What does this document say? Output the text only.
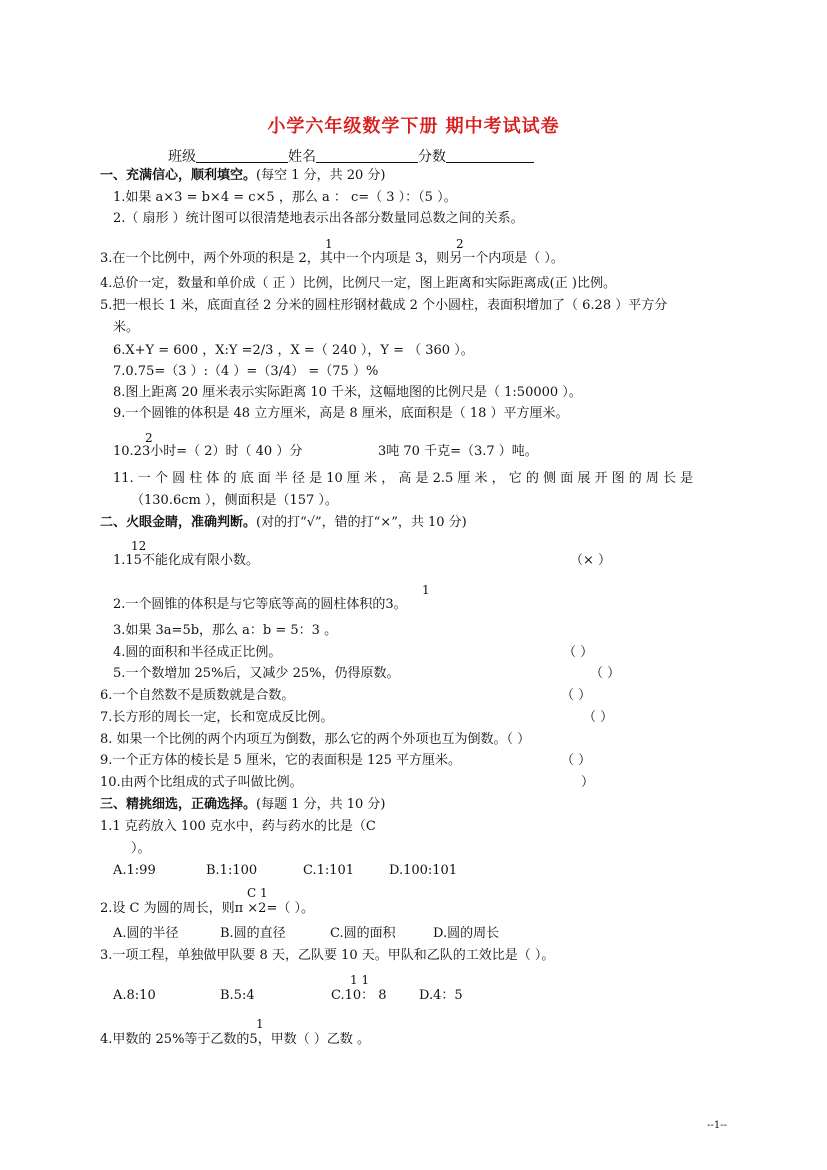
小学六年级数学下册 期中考试试卷
班级	姓名	分数
一、充满信心，顺利填空。(每空 1 分，共 20 分)
1.如果 a×3 = b×4 = c×5 ，那么 a ： c=（ 3 ）：（5 ）。
2.（ 扇形 ）统计图可以很清楚地表示出各部分数量同总数之间的关系。
1	2
3.在一个比例中，两个外项的积是 2，其中一个内项是 3，则另一个内项是（ ）。
4.总价一定，数量和单价成（ 正 ）比例，比例尺一定，图上距离和实际距离成(正 )比例。
5.把一根长 1 米，底面直径 2 分米的圆柱形钢材截成 2 个小圆柱，表面积增加了（ 6.28 ）平方分
米。
6.X+Y = 600 ，X:Y =2/3 ，X =（ 240 ），Y = （ 360 ）。
7.0.75=（3 ）:（4 ）=（3/4） =（75 ）%
8.图上距离 20 厘米表示实际距离 10 千米，这幅地图的比例尺是（ 1:50000 ）。
9.一个圆锥的体积是 48 立方厘米，高是 8 厘米，底面积是（ 18 ）平方厘米。
2
10.23小时=（ 2）时（ 40 ）分	3吨 70 千克=（3.7 ）吨。
11. 一 个 圆 柱 体 的 底 面 半 径 是 10 厘 米 ， 高 是 2.5 厘 米 ， 它 的 侧 面 展 开 图 的 周 长 是
（130.6cm ），侧面积是（157 ）。
二、火眼金睛，准确判断。(对的打“√”，错的打“×”，共 10 分)
12
1.15不能化成有限小数。	（× ）
1
2.一个圆锥的体积是与它等底等高的圆柱体积的3。
3.如果 3a=5b，那么 a：b = 5：3 。
4.圆的面积和半径成正比例。	（ ）
5.一个数增加 25%后，又减少 25%，仍得原数。	（ ）
6.一个自然数不是质数就是合数。	（ ）
7.长方形的周长一定，长和宽成反比例。	（ ）
8. 如果一个比例的两个内项互为倒数，那么它的两个外项也互为倒数。（ ）
9.一个正方体的棱长是 5 厘米，它的表面积是 125 平方厘米。	（ ）
10.由两个比组成的式子叫做比例。	）
三、精挑细选，正确选择。(每题 1 分，共 10 分)
1.1 克药放入 100 克水中，药与药水的比是（C
）。
A.1:99	B.1:100	C.1:101	D.100:101
C 1
2.设 C 为圆的周长，则π ×2=（ ）。
A.圆的半径	B.圆的直径	C.圆的面积	D.圆的周长
3.一项工程，单独做甲队要 8 天，乙队要 10 天。甲队和乙队的工效比是（ ）。
1 1
A.8:10	B.5:4	C.10： 8 D.4：5
1
4.甲数的 25%等于乙数的5，甲数（ ）乙数 。
--1--
